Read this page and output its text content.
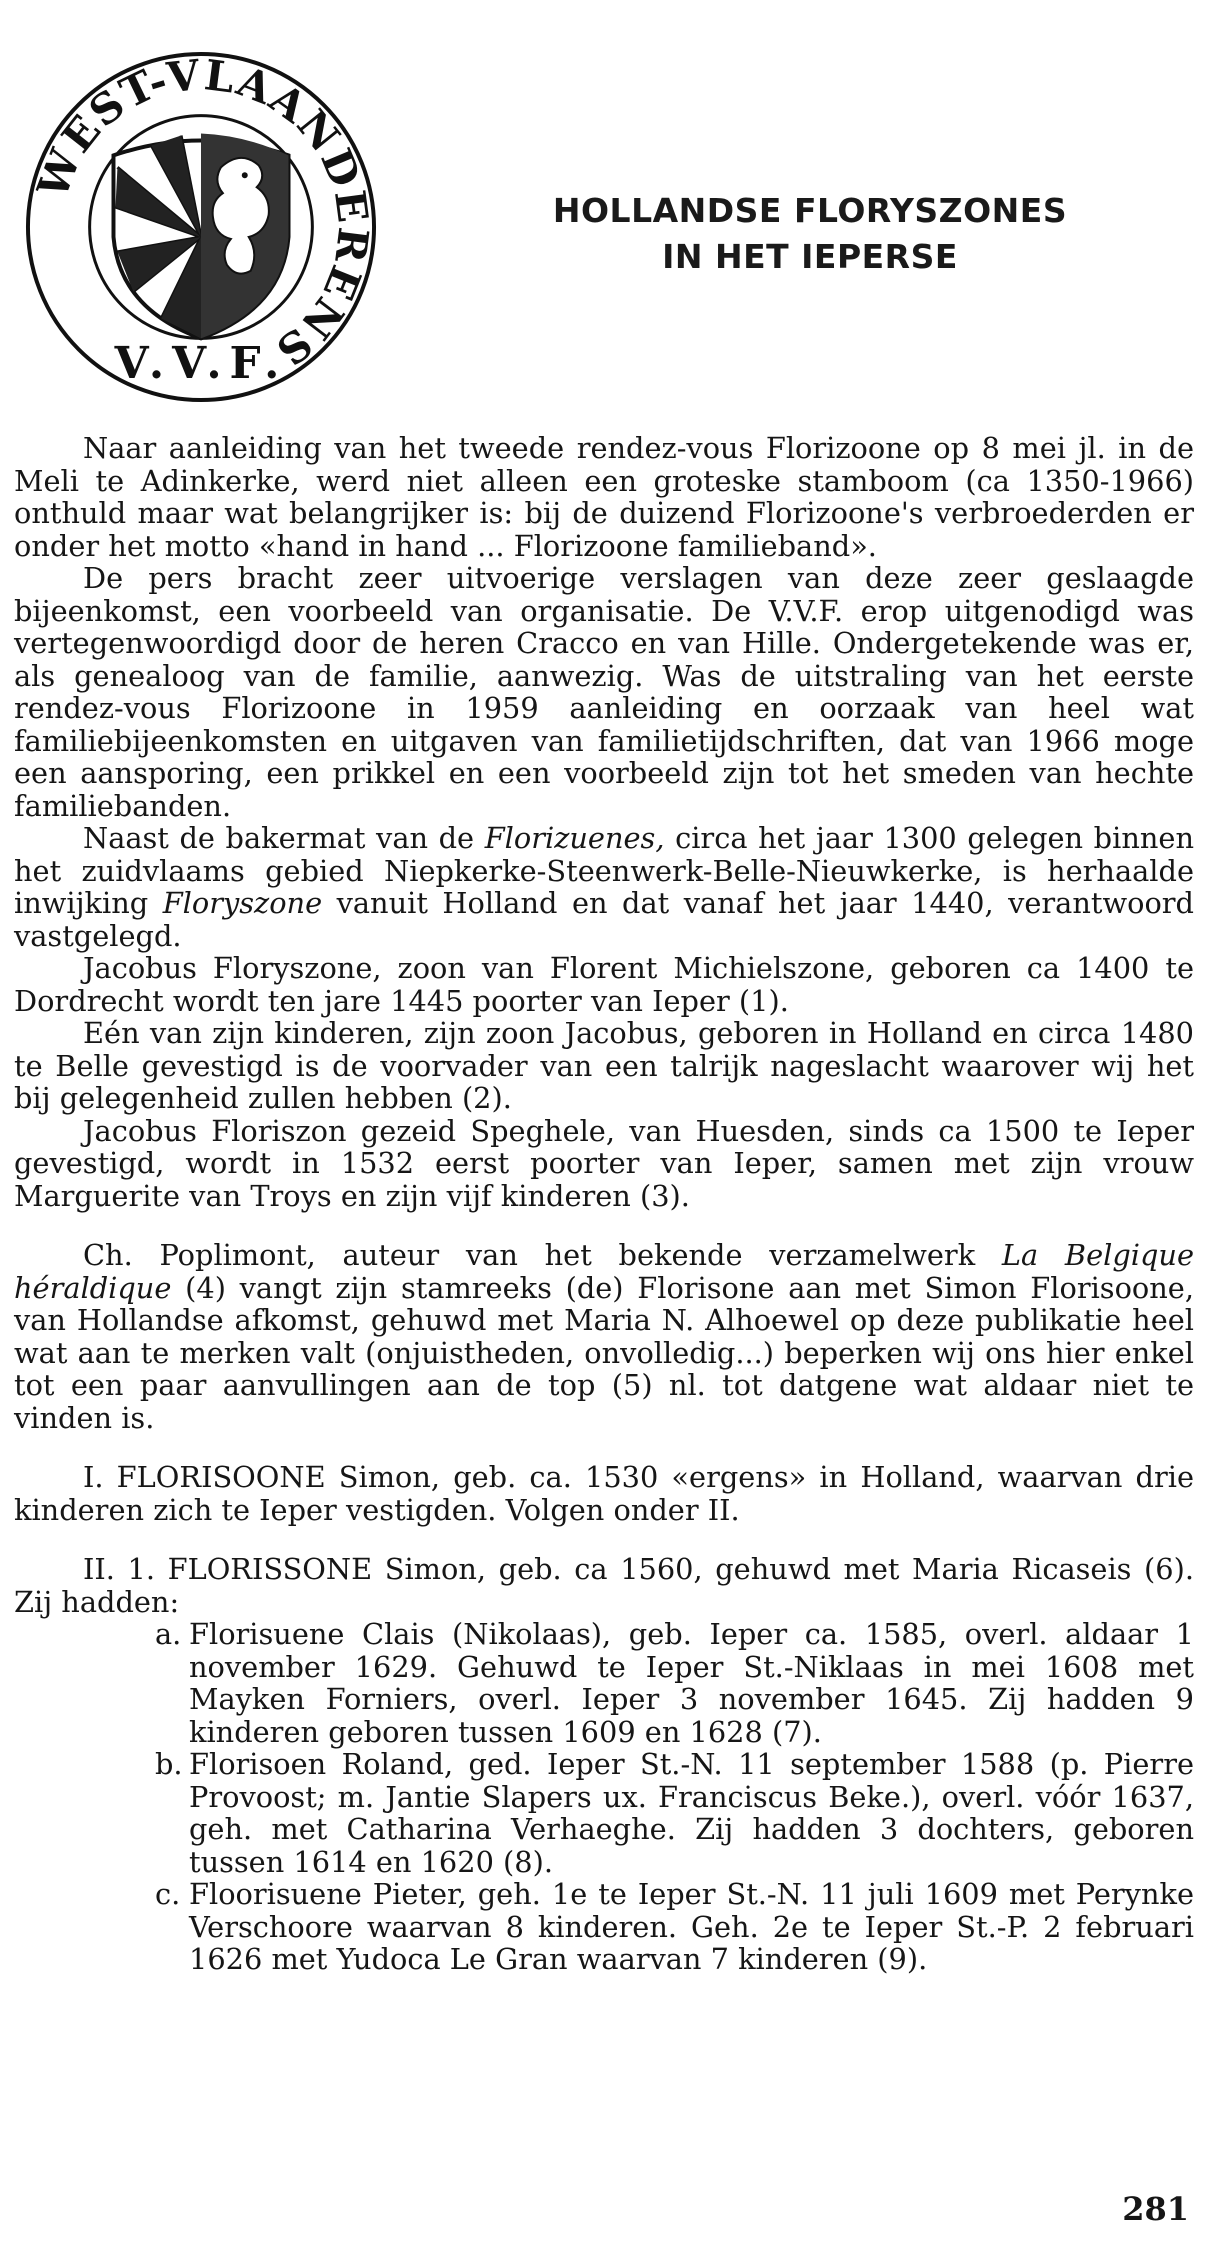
WEST-VLAANDERENS
V.V.F.
HOLLANDSE FLORYSZONES
IN HET IEPERSE

Naar aanleiding van het tweede rendez-vous Florizoone op 8 mei jl. in de Meli te Adinkerke, werd niet alleen een groteske stamboom (ca 1350-1966) onthuld maar wat belangrijker is: bij de duizend Florizoone's verbroederden er onder het motto «hand in hand ... Florizoone familieband».

De pers bracht zeer uitvoerige verslagen van deze zeer geslaagde bijeenkomst, een voorbeeld van organisatie. De V.V.F. erop uitgenodigd was vertegenwoordigd door de heren Cracco en van Hille. Ondergetekende was er, als genealoog van de familie, aanwezig. Was de uitstraling van het eerste rendez-vous Florizoone in 1959 aanleiding en oorzaak van heel wat familiebijeenkomsten en uitgaven van familietijdschriften, dat van 1966 moge een aansporing, een prikkel en een voorbeeld zijn tot het smeden van hechte familiebanden.

Naast de bakermat van de Florizuenes, circa het jaar 1300 gelegen binnen het zuidvlaams gebied Niepkerke-Steenwerk-Belle-Nieuwkerke, is herhaalde inwijking Floryszone vanuit Holland en dat vanaf het jaar 1440, verantwoord vastgelegd.

Jacobus Floryszone, zoon van Florent Michielszone, geboren ca 1400 te Dordrecht wordt ten jare 1445 poorter van Ieper (1).

Eén van zijn kinderen, zijn zoon Jacobus, geboren in Holland en circa 1480 te Belle gevestigd is de voorvader van een talrijk nageslacht waarover wij het bij gelegenheid zullen hebben (2).

Jacobus Floriszon gezeid Speghele, van Huesden, sinds ca 1500 te Ieper gevestigd, wordt in 1532 eerst poorter van Ieper, samen met zijn vrouw Marguerite van Troys en zijn vijf kinderen (3).

Ch. Poplimont, auteur van het bekende verzamelwerk La Belgique héraldique (4) vangt zijn stamreeks (de) Florisone aan met Simon Florisoone, van Hollandse afkomst, gehuwd met Maria N. Alhoewel op deze publikatie heel wat aan te merken valt (onjuistheden, onvolledig...) beperken wij ons hier enkel tot een paar aanvullingen aan de top (5) nl. tot datgene wat aldaar niet te vinden is.

I. FLORISOONE Simon, geb. ca. 1530 «ergens» in Holland, waarvan drie kinderen zich te Ieper vestigden. Volgen onder II.

II. 1. FLORISSONE Simon, geb. ca 1560, gehuwd met Maria Ricaseis (6). Zij hadden:

a. Florisuene Clais (Nikolaas), geb. Ieper ca. 1585, overl. aldaar 1 november 1629. Gehuwd te Ieper St.-Niklaas in mei 1608 met Mayken Forniers, overl. Ieper 3 november 1645. Zij hadden 9 kinderen geboren tussen 1609 en 1628 (7).

b. Florisoen Roland, ged. Ieper St.-N. 11 september 1588 (p. Pierre Provoost; m. Jantie Slapers ux. Franciscus Beke.), overl. vóór 1637, geh. met Catharina Verhaeghe. Zij hadden 3 dochters, geboren tussen 1614 en 1620 (8).

c. Floorisuene Pieter, geh. 1e te Ieper St.-N. 11 juli 1609 met Perynke Verschoore waarvan 8 kinderen. Geh. 2e te Ieper St.-P. 2 februari 1626 met Yudoca Le Gran waarvan 7 kinderen (9).

281
